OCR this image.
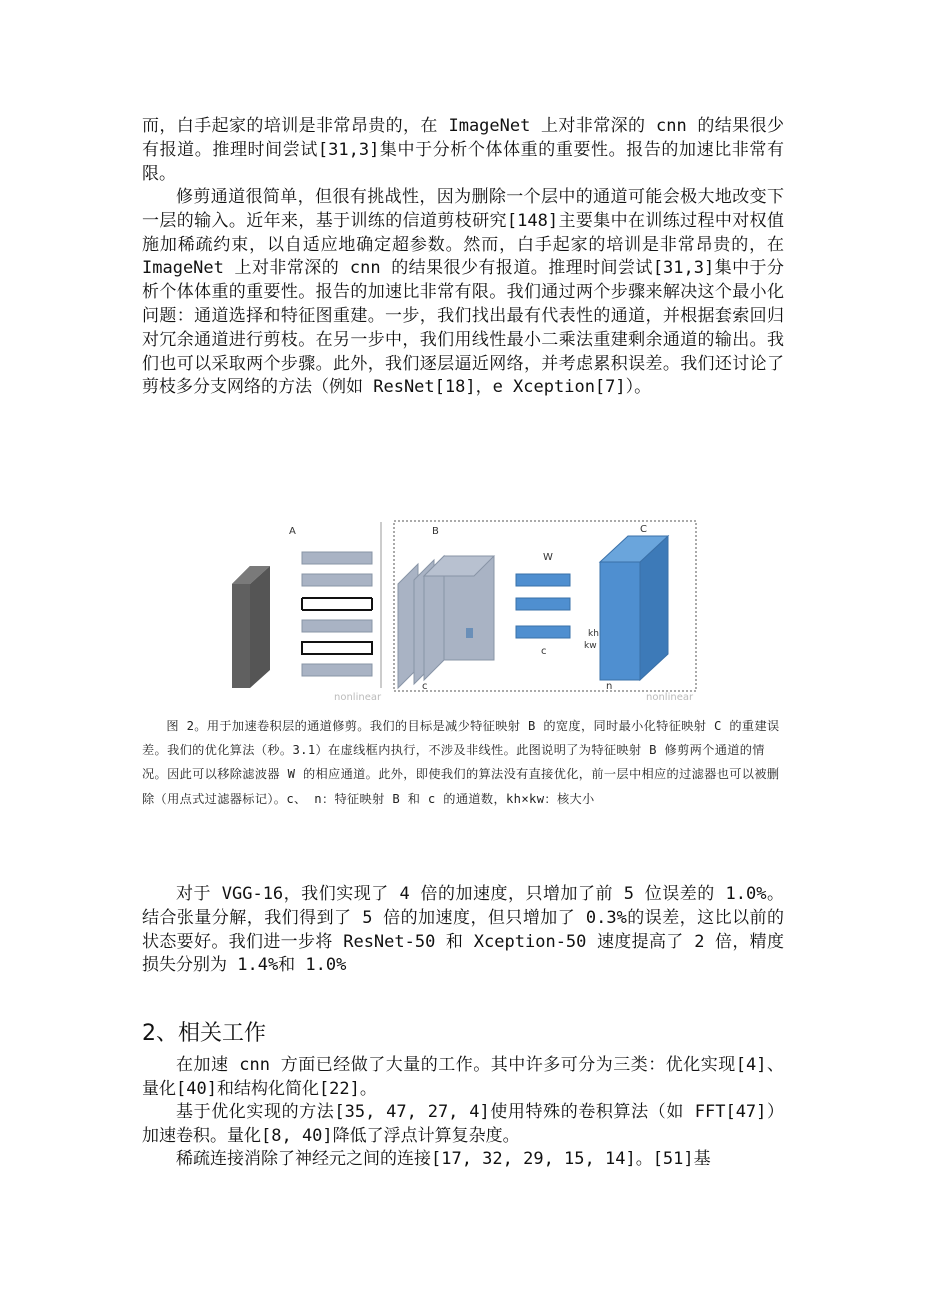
而，白手起家的培训是非常昂贵的，在 ImageNet 上对非常深的 cnn 的结果很少有报道。推理时间尝试[31,3]集中于分析个体体重的重要性。报告的加速比非常有限。

修剪通道很简单，但很有挑战性，因为删除一个层中的通道可能会极大地改变下一层的输入。近年来，基于训练的信道剪枝研究[148]主要集中在训练过程中对权值施加稀疏约束，以自适应地确定超参数。然而，白手起家的培训是非常昂贵的，在 ImageNet 上对非常深的 cnn 的结果很少有报道。推理时间尝试[31,3]集中于分析个体体重的重要性。报告的加速比非常有限。我们通过两个步骤来解决这个最小化问题：通道选择和特征图重建。一步，我们找出最有代表性的通道，并根据套索回归对冗余通道进行剪枝。在另一步中，我们用线性最小二乘法重建剩余通道的输出。我们也可以采取两个步骤。此外，我们逐层逼近网络，并考虑累积误差。我们还讨论了剪枝多分支网络的方法（例如 ResNet[18]，e Xception[7]）。

A	B
c
W
c
kh
kw
C
n
nonlinear	nonlinear

图 2。用于加速卷积层的通道修剪。我们的目标是减少特征映射 B 的宽度，同时最小化特征映射 C 的重建误差。我们的优化算法（秒。3.1）在虚线框内执行，不涉及非线性。此图说明了为特征映射 B 修剪两个通道的情况。因此可以移除滤波器 W 的相应通道。此外，即使我们的算法没有直接优化，前一层中相应的过滤器也可以被删除（用点式过滤器标记）。c、 n：特征映射 B 和 c 的通道数，kh×kw：核大小

对于 VGG-16，我们实现了 4 倍的加速度，只增加了前 5 位误差的 1.0%。结合张量分解，我们得到了 5 倍的加速度，但只增加了 0.3%的误差，这比以前的状态要好。我们进一步将 ResNet-50 和 Xception-50 速度提高了 2 倍，精度损失分别为 1.4%和 1.0%

2、相关工作

在加速 cnn 方面已经做了大量的工作。其中许多可分为三类：优化实现[4]、量化[40]和结构化简化[22]。

基于优化实现的方法[35, 47, 27, 4]使用特殊的卷积算法（如 FFT[47]）加速卷积。量化[8, 40]降低了浮点计算复杂度。

稀疏连接消除了神经元之间的连接[17, 32, 29, 15, 14]。[51]基
